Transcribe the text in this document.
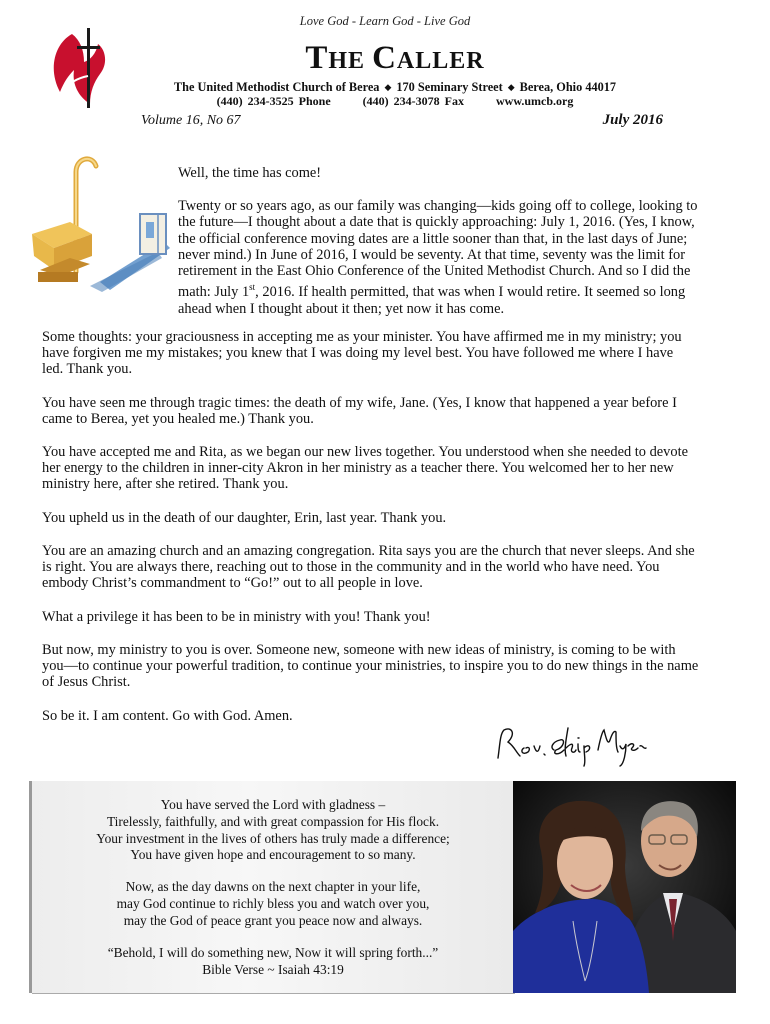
Love God - Learn God - Live God
THE CALLER
The United Methodist Church of Berea ◆ 170 Seminary Street ◆ Berea, Ohio 44017
(440) 234-3525 Phone	(440) 234-3078 Fax	www.umcb.org
Volume 16, No 67	July 2016
Well, the time has come!
Twenty or so years ago, as our family was changing—kids going off to college, looking to
the future—I thought about a date that is quickly approaching: July 1, 2016. (Yes, I know,
the official conference moving dates are a little sooner than that, in the last days of June;
never mind.) In June of 2016, I would be seventy. At that time, seventy was the limit for
retirement in the East Ohio Conference of the United Methodist Church. And so I did the
math: July 1st, 2016. If health permitted, that was when I would retire. It seemed so long
ahead when I thought about it then; yet now it has come.

Some thoughts: your graciousness in accepting me as your minister. You have affirmed me in my ministry; you
have forgiven me my mistakes; you knew that I was doing my level best. You have followed me where I have
led. Thank you.

You have seen me through tragic times: the death of my wife, Jane. (Yes, I know that happened a year before I
came to Berea, yet you healed me.) Thank you.

You have accepted me and Rita, as we began our new lives together. You understood when she needed to devote
her energy to the children in inner-city Akron in her ministry as a teacher there. You welcomed her to her new
ministry here, after she retired. Thank you.

You upheld us in the death of our daughter, Erin, last year. Thank you.

You are an amazing church and an amazing congregation. Rita says you are the church that never sleeps. And she
is right. You are always there, reaching out to those in the community and in the world who have need. You
embody Christ’s commandment to “Go!” out to all people in love.

What a privilege it has been to be in ministry with you! Thank you!

But now, my ministry to you is over. Someone new, someone with new ideas of ministry, is coming to be with
you—to continue your powerful tradition, to continue your ministries, to inspire you to do new things in the name
of Jesus Christ.

So be it. I am content. Go with God. Amen.

You have served the Lord with gladness –
Tirelessly, faithfully, and with great compassion for His flock.
Your investment in the lives of others has truly made a difference;
You have given hope and encouragement to so many.
Now, as the day dawns on the next chapter in your life,
may God continue to richly bless you and watch over you,
may the God of peace grant you peace now and always.
“Behold, I will do something new, Now it will spring forth...”
Bible Verse ~ Isaiah 43:19
